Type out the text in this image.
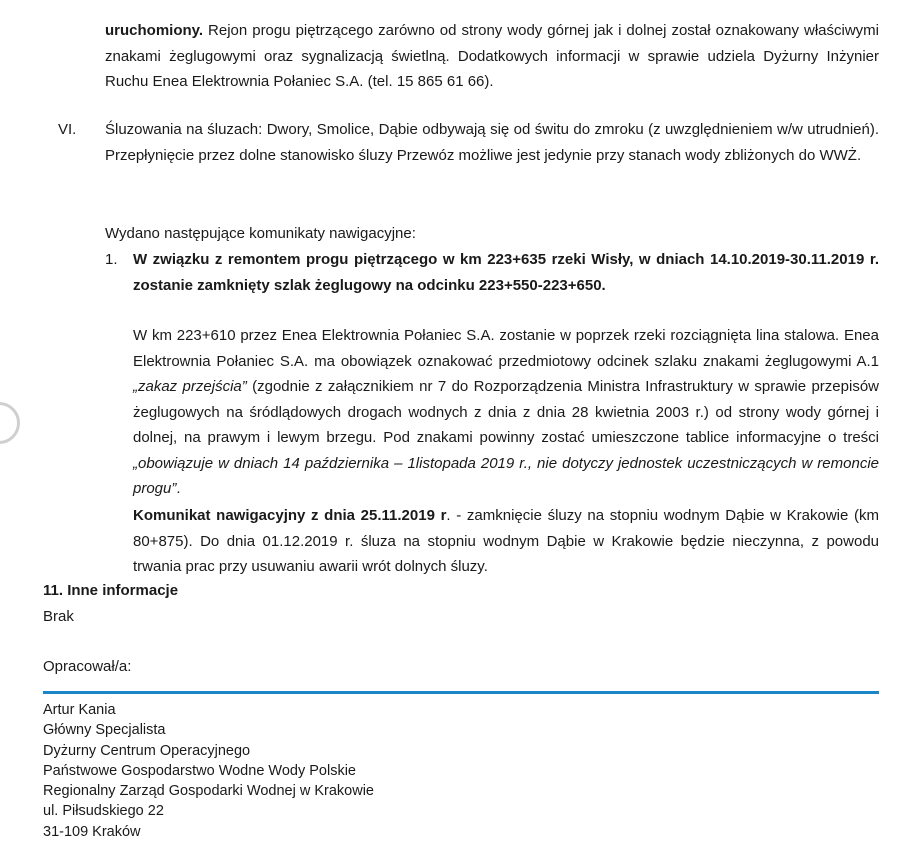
uruchomiony. Rejon progu piętrzącego zarówno od strony wody górnej jak i dolnej został oznakowany właściwymi znakami żeglugowymi oraz sygnalizacją świetlną. Dodatkowych informacji w sprawie udziela Dyżurny Inżynier Ruchu Enea Elektrownia Połaniec S.A. (tel. 15 865 61 66).
VI. Śluzowania na śluzach: Dwory, Smolice, Dąbie odbywają się od świtu do zmroku (z uwzględnieniem w/w utrudnień). Przepłynięcie przez dolne stanowisko śluzy Przewóz możliwe jest jedynie przy stanach wody zbliżonych do WWŻ.
Wydano następujące komunikaty nawigacyjne:
1. W związku z remontem progu piętrzącego w km 223+635 rzeki Wisły, w dniach 14.10.2019-30.11.2019 r. zostanie zamknięty szlak żeglugowy na odcinku 223+550-223+650.
W km 223+610 przez Enea Elektrownia Połaniec S.A. zostanie w poprzek rzeki rozciągnięta lina stalowa. Enea Elektrownia Połaniec S.A. ma obowiązek oznakować przedmiotowy odcinek szlaku znakami żeglugowymi A.1 „zakaz przejścia” (zgodnie z załącznikiem nr 7 do Rozporządzenia Ministra Infrastruktury w sprawie przepisów żeglugowych na śródlądowych drogach wodnych z dnia z dnia 28 kwietnia 2003 r.) od strony wody górnej i dolnej, na prawym i lewym brzegu. Pod znakami powinny zostać umieszczone tablice informacyjne o treści „obowiązuje w dniach 14 października – 1listopada 2019 r., nie dotyczy jednostek uczestniczących w remoncie progu”.
Komunikat nawigacyjny z dnia 25.11.2019 r. - zamknięcie śluzy na stopniu wodnym Dąbie w Krakowie (km 80+875). Do dnia 01.12.2019 r. śluza na stopniu wodnym Dąbie w Krakowie będzie nieczynna, z powodu trwania prac przy usuwaniu awarii wrót dolnych śluzy.
11. Inne informacje
Brak
Opracował/a:
Artur Kania
Główny Specjalista
Dyżurny Centrum Operacyjnego
Państwowe Gospodarstwo Wodne Wody Polskie
Regionalny Zarząd Gospodarki Wodnej w Krakowie
ul. Piłsudskiego 22
31-109 Kraków
